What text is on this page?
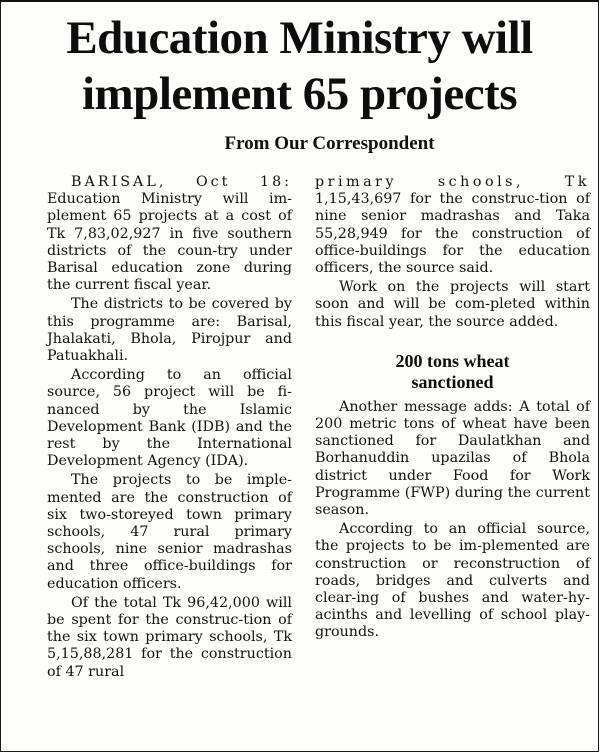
Education Ministry will
implement 65 projects
From Our Correspondent

BARISAL, Oct 18: Education Ministry will im-plement 65 projects at a cost of Tk 7,83,02,927 in five southern districts of the coun-try under Barisal education zone during the current fiscal year.

The districts to be covered by this programme are: Barisal, Jhalakati, Bhola, Pirojpur and Patuakhali.

According to an official source, 56 project will be fi-nanced by the Islamic Development Bank (IDB) and the rest by the International Development Agency (IDA).

The projects to be imple-mented are the construction of six two-storeyed town primary schools, 47 rural primary schools, nine senior madrashas and three office-buildings for education officers.

Of the total Tk 96,42,000 will be spent for the construc-tion of the six town primary schools, Tk 5,15,88,281 for the construction of 47 rural

primary schools, Tk 1,15,43,697 for the construc-tion of nine senior madrashas and Taka 55,28,949 for the construction of office-buildings for the education officers, the source said.

Work on the projects will start soon and will be com-pleted within this fiscal year, the source added.

200 tons wheat
sanctioned

Another message adds: A total of 200 metric tons of wheat have been sanctioned for Daulatkhan and Borhanuddin upazilas of Bhola district under Food for Work Programme (FWP) during the current season.

According to an official source, the projects to be im-plemented are construction or reconstruction of roads, bridges and culverts and clear-ing of bushes and water-hy-acinths and levelling of school play-grounds.
